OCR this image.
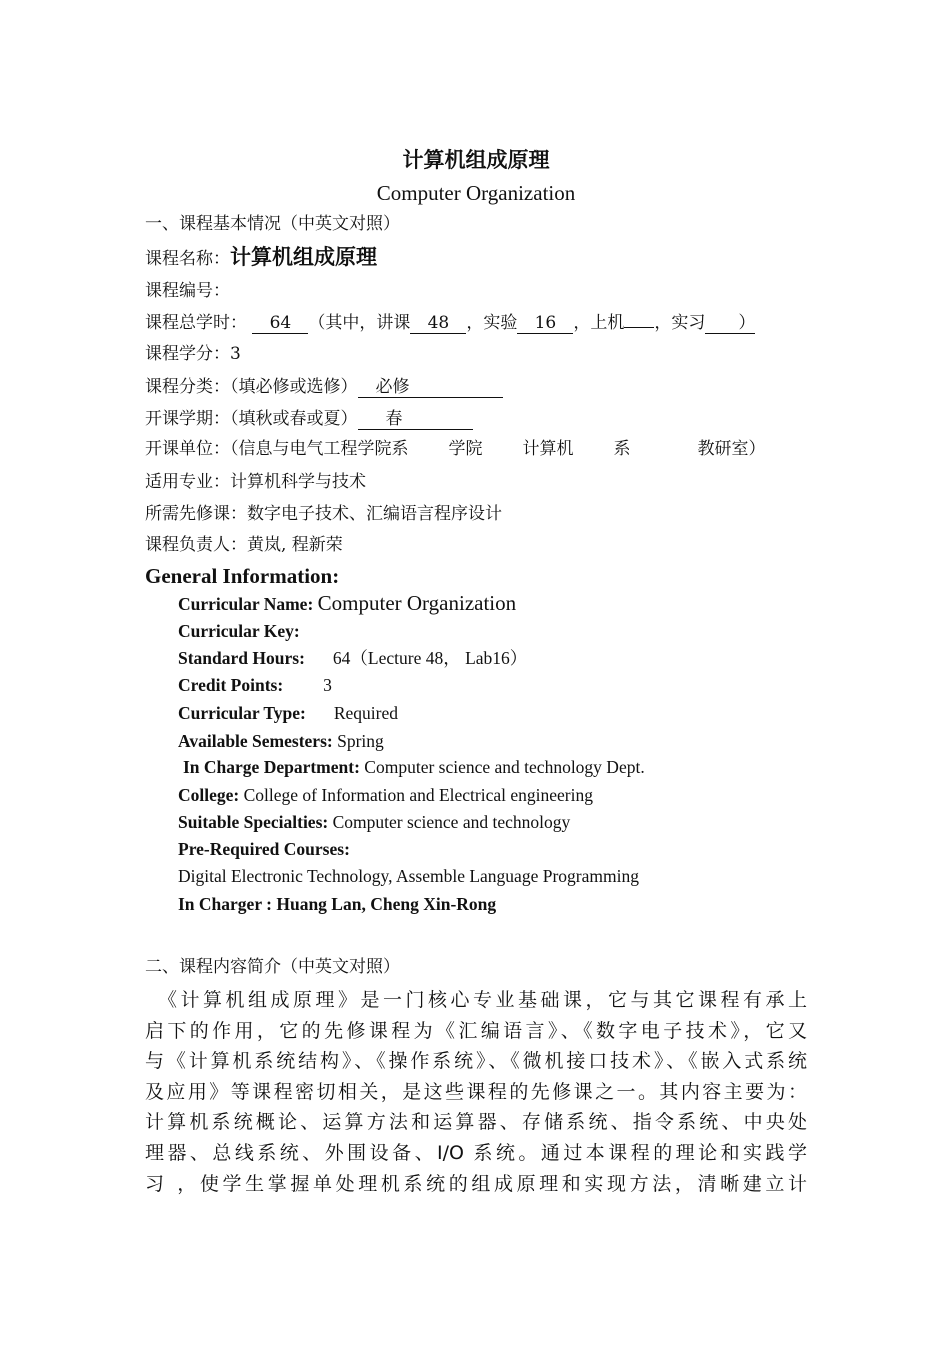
计算机组成原理
Computer Organization
一、课程基本情况（中英文对照）
课程名称：计算机组成原理
课程编号：
课程总学时： 64 （其中，讲课 48 ，实验 16 ，上机 ，实习 ）
课程学分：3
课程分类：（填必修或选修） 必修
开课学期：（填秋或春或夏） 春
开课单位：（信息与电气工程学院系 学院 计算机 系	教研室）
适用专业：计算机科学与技术
所需先修课：数字电子技术、汇编语言程序设计
课程负责人：黄岚, 程新荣
General Information:
Curricular Name: Computer Organization
Curricular Key:
Standard Hours: 64（Lecture 48， Lab16）
Credit Points: 3
Curricular Type: Required
Available Semesters: Spring
In Charge Department: Computer science and technology Dept.
College: College of Information and Electrical engineering
Suitable Specialties: Computer science and technology
Pre-Required Courses:
Digital Electronic Technology, Assemble Language Programming
In Charger : Huang Lan, Cheng Xin-Rong
二、课程内容简介（中英文对照）
　《计算机组成原理》是一门核心专业基础课，它与其它课程有承上
启下的作用，它的先修课程为《汇编语言》、《数字电子技术》，它又
与《计算机系统结构》、《操作系统》、《微机接口技术》、《嵌入式系统
及应用》等课程密切相关，是这些课程的先修课之一。其内容主要为：
计算机系统概论、运算方法和运算器、存储系统、指令系统、中央处
理器、总线系统、外围设备、I/O 系统。通过本课程的理论和实践学
习 ，使学生掌握单处理机系统的组成原理和实现方法，清晰建立计
